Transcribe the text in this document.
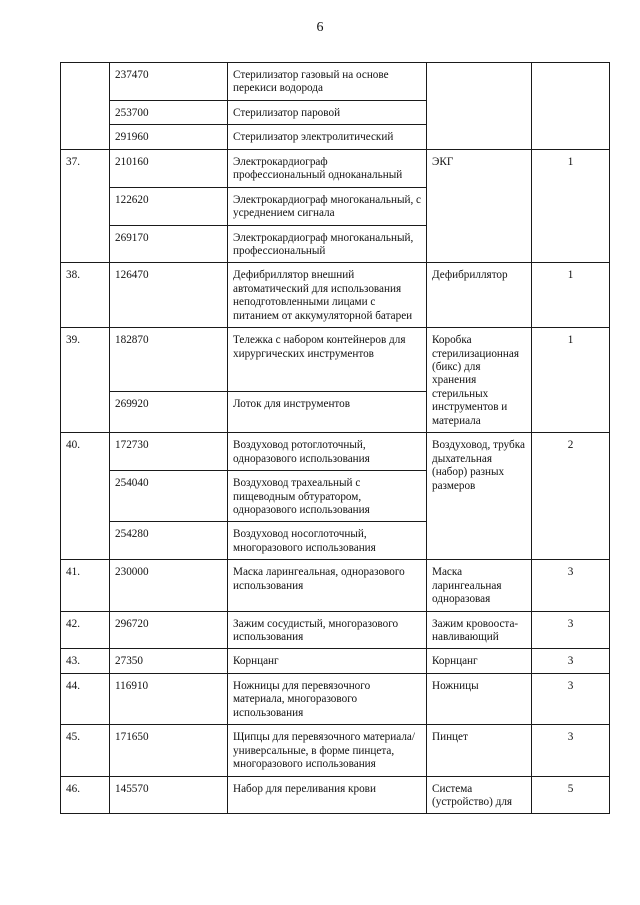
6
	237470	Стерилизатор газовый на основе перекиси водорода		
	253700	Стерилизатор паровой		
	291960	Стерилизатор электролитический		
37.	210160	Электрокардиограф профессиональный одноканальный	ЭКГ	1
	122620	Электрокардиограф многоканальный, с усреднением сигнала		
	269170	Электрокардиограф многоканальный, профессиональный		
38.	126470	Дефибриллятор внешний автоматический для использования неподготовленными лицами с питанием от аккумуляторной батареи	Дефибриллятор	1
39.	182870	Тележка с набором контейнеров для хирургических инструментов	Коробка стерилизационная (бикс) для хранения стерильных инструментов и материала	1
	269920	Лоток для инструментов		
40.	172730	Воздуховод ротоглоточный, одноразового использования	Воздуховод, трубка дыхательная (набор) разных размеров	2
	254040	Воздуховод трахеальный с пищеводным обтуратором, одноразового использования		
	254280	Воздуховод носоглоточный, многоразового использования		
41.	230000	Маска ларингеальная, одноразового использования	Маска ларингеальная одноразовая	3
42.	296720	Зажим сосудистый, многоразового использования	Зажим кровооста-навливающий	3
43.	27350	Корнцанг	Корнцанг	3
44.	116910	Ножницы для перевязочного материала, многоразового использования	Ножницы	3
45.	171650	Щипцы для перевязочного материала/универсальные, в форме пинцета, многоразового использования	Пинцет	3
46.	145570	Набор для переливания крови	Система (устройство) для	5
